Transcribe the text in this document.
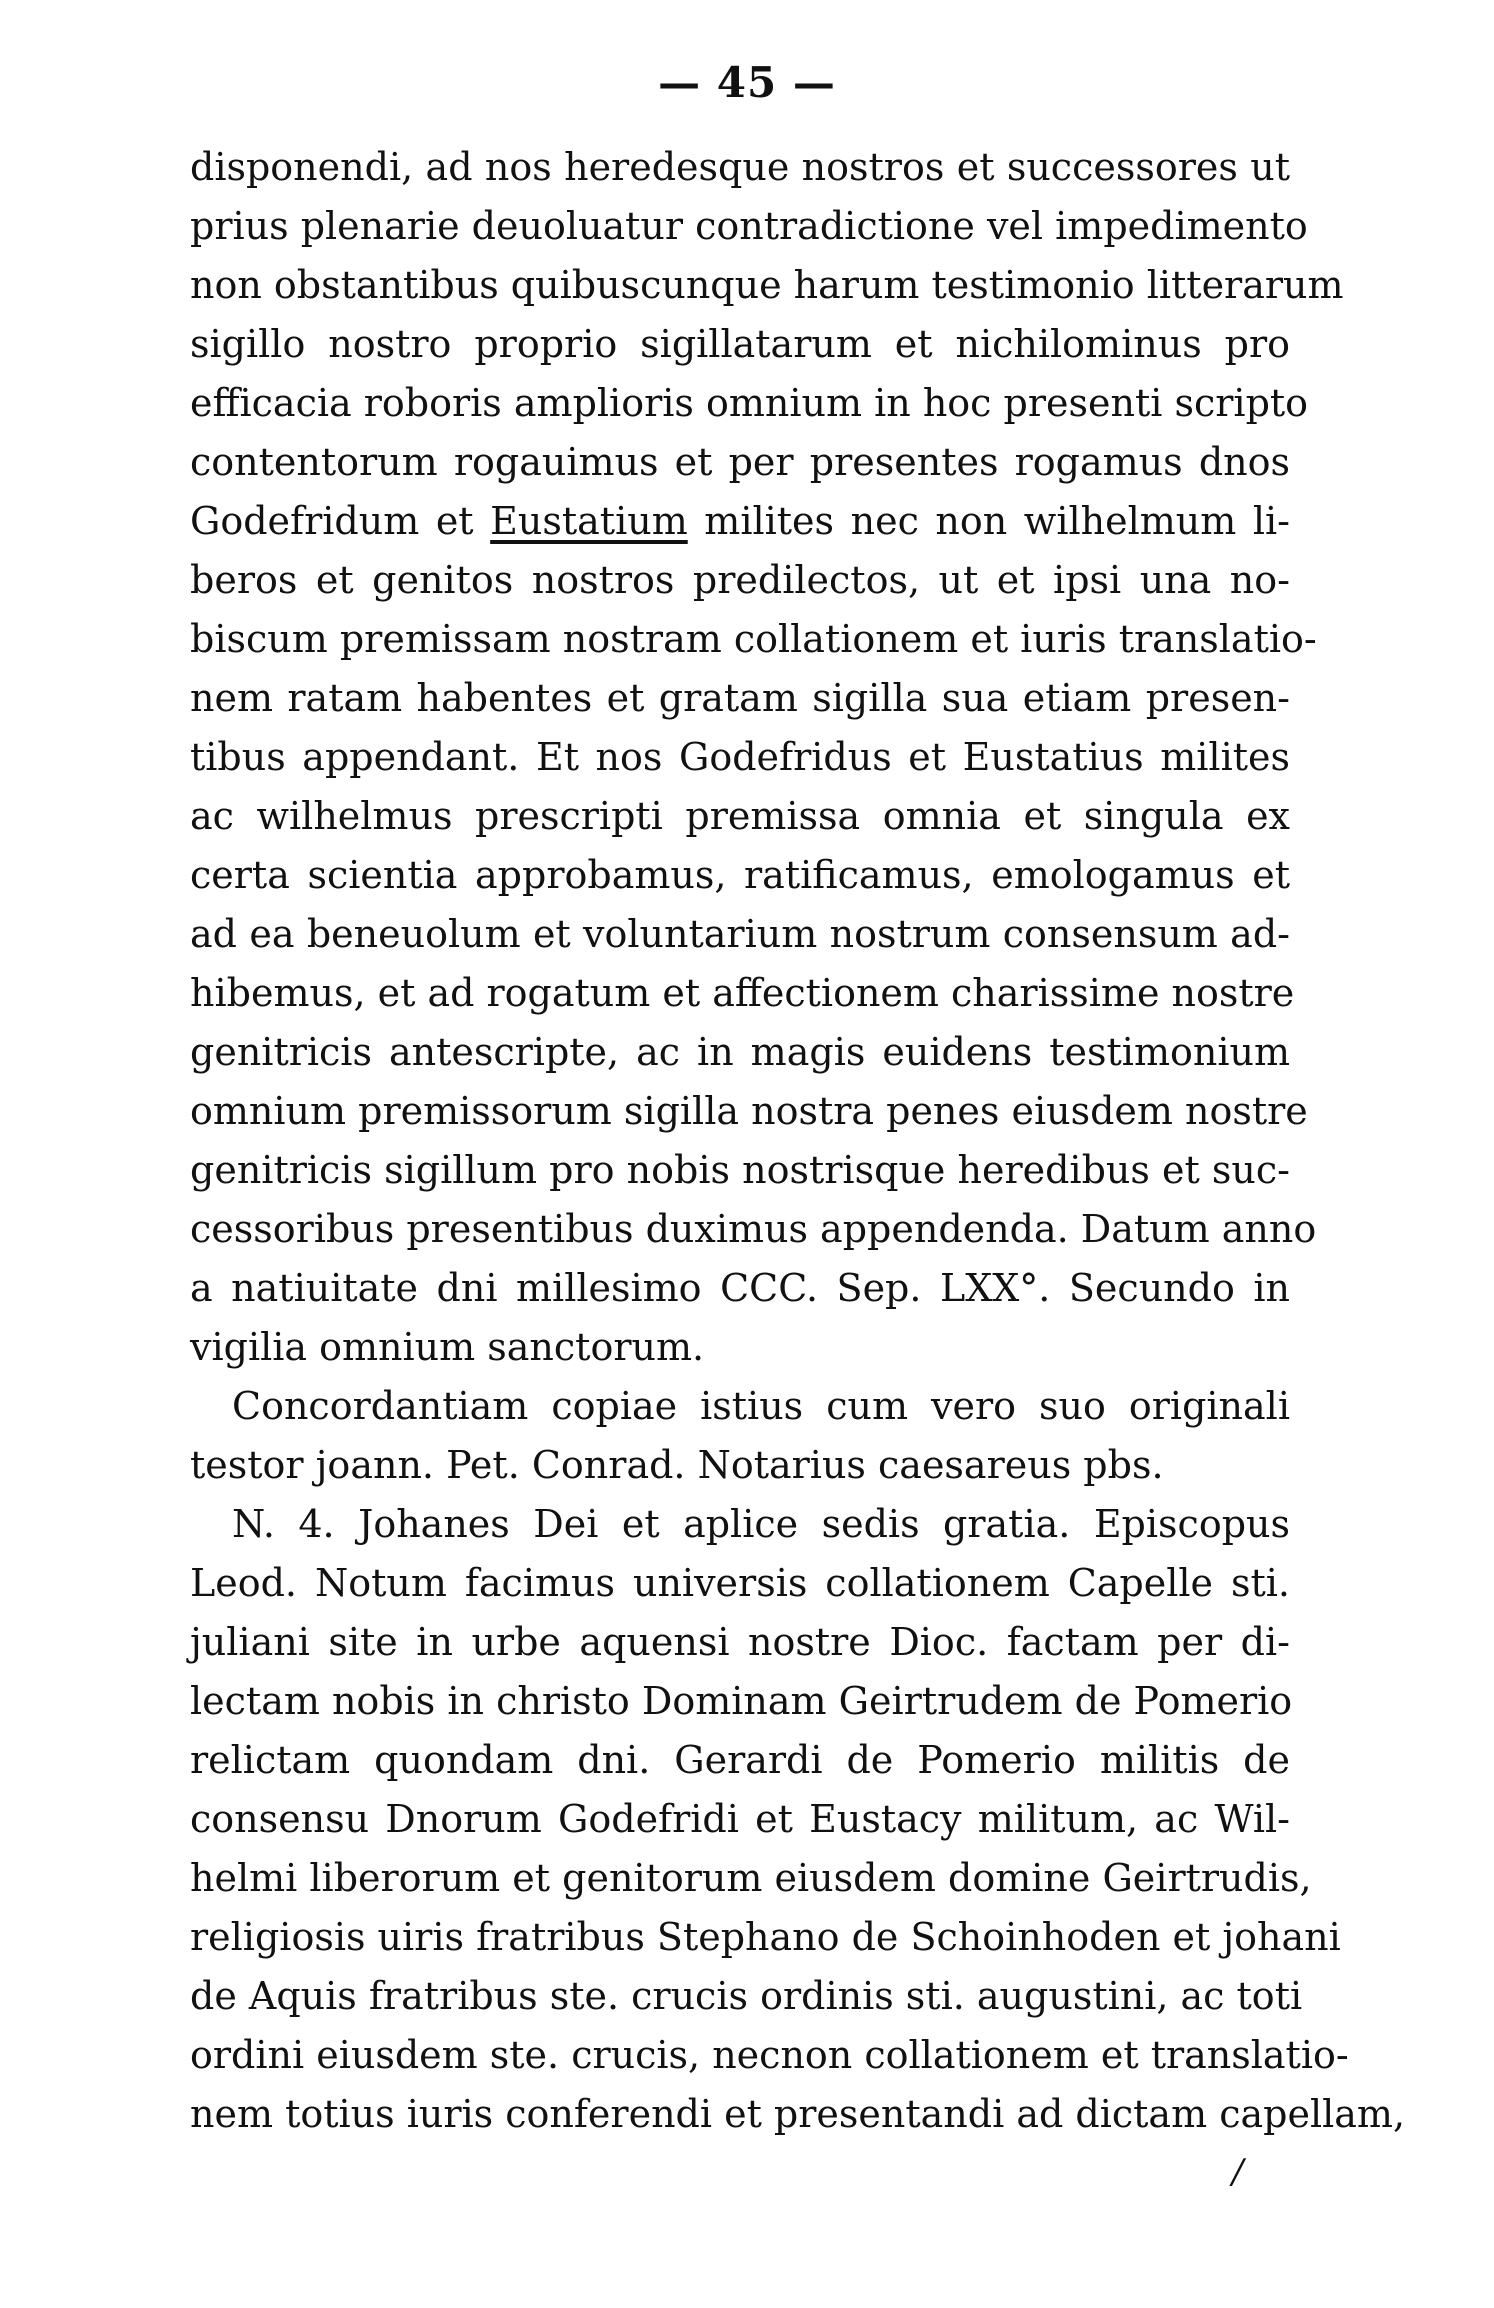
— 45 —
disponendi, ad nos heredesque nostros et successores ut
prius plenarie deuoluatur contradictione vel impedimento
non obstantibus quibuscunque harum testimonio litterarum
sigillo nostro proprio sigillatarum et nichilominus pro
efficacia roboris amplioris omnium in hoc presenti scripto
contentorum rogauimus et per presentes rogamus dnos
Godefridum et Eustatium milites nec non wilhelmum li-
beros et genitos nostros predilectos, ut et ipsi una no-
biscum premissam nostram collationem et iuris translatio-
nem ratam habentes et gratam sigilla sua etiam presen-
tibus appendant. Et nos Godefridus et Eustatius milites
ac wilhelmus prescripti premissa omnia et singula ex
certa scientia approbamus, ratificamus, emologamus et
ad ea beneuolum et voluntarium nostrum consensum ad-
hibemus, et ad rogatum et affectionem charissime nostre
genitricis antescripte, ac in magis euidens testimonium
omnium premissorum sigilla nostra penes eiusdem nostre
genitricis sigillum pro nobis nostrisque heredibus et suc-
cessoribus presentibus duximus appendenda. Datum anno
a natiuitate dni millesimo CCC. Sep. LXX°. Secundo in
vigilia omnium sanctorum.
Concordantiam copiae istius cum vero suo originali
testor joann. Pet. Conrad. Notarius caesareus pbs.
N. 4. Johanes Dei et aplice sedis gratia. Episcopus
Leod. Notum facimus universis collationem Capelle sti.
juliani site in urbe aquensi nostre Dioc. factam per di-
lectam nobis in christo Dominam Geirtrudem de Pomerio
relictam quondam dni. Gerardi de Pomerio militis de
consensu Dnorum Godefridi et Eustacy militum, ac Wil-
helmi liberorum et genitorum eiusdem domine Geirtrudis,
religiosis uiris fratribus Stephano de Schoinhoden et johani
de Aquis fratribus ste. crucis ordinis sti. augustini, ac toti
ordini eiusdem ste. crucis, necnon collationem et translatio-
nem totius iuris conferendi et presentandi ad dictam capellam,
/
